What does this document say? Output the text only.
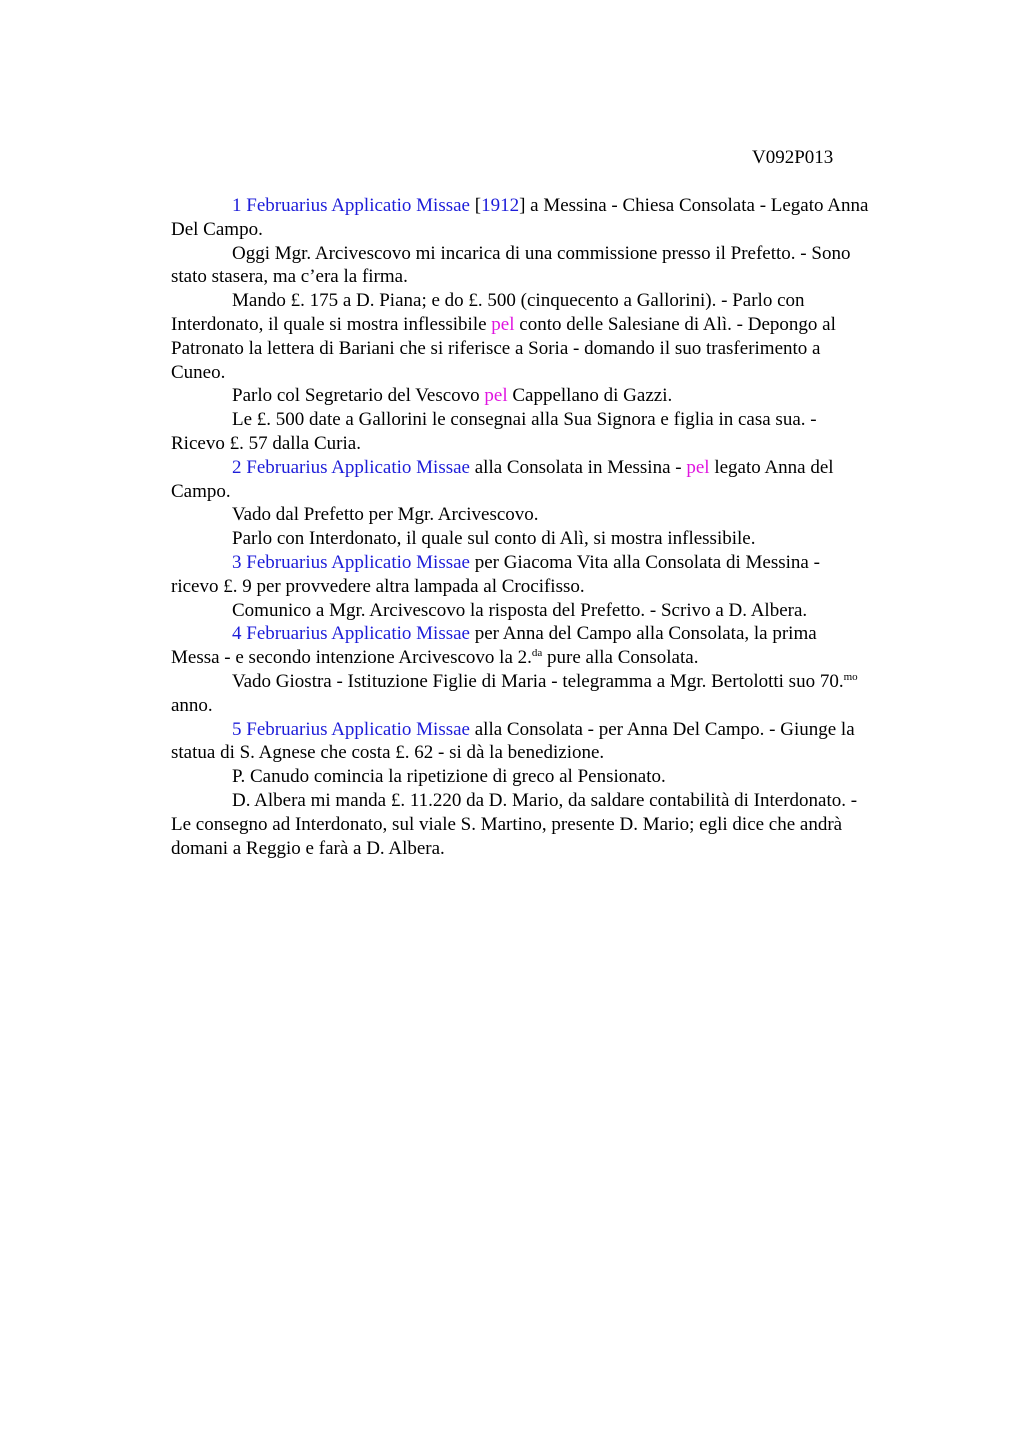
V092P013

1 Februarius Applicatio Missae [1912] a Messina - Chiesa Consolata - Legato Anna
Del Campo.

Oggi Mgr. Arcivescovo mi incarica di una commissione presso il Prefetto. - Sono
stato stasera, ma c’era la firma.

Mando £. 175 a D. Piana; e do £. 500 (cinquecento a Gallorini). - Parlo con
Interdonato, il quale si mostra inflessibile pel conto delle Salesiane di Alì. - Depongo al
Patronato la lettera di Bariani che si riferisce a Soria - domando il suo trasferimento a
Cuneo.

Parlo col Segretario del Vescovo pel Cappellano di Gazzi.

Le £. 500 date a Gallorini le consegnai alla Sua Signora e figlia in casa sua. -
Ricevo £. 57 dalla Curia.

2 Februarius Applicatio Missae alla Consolata in Messina - pel legato Anna del
Campo.

Vado dal Prefetto per Mgr. Arcivescovo.

Parlo con Interdonato, il quale sul conto di Alì, si mostra inflessibile.

3 Februarius Applicatio Missae per Giacoma Vita alla Consolata di Messina -
ricevo £. 9 per provvedere altra lampada al Crocifisso.

Comunico a Mgr. Arcivescovo la risposta del Prefetto. - Scrivo a D. Albera.

4 Februarius Applicatio Missae per Anna del Campo alla Consolata, la prima
Messa - e secondo intenzione Arcivescovo la 2.$^{da}$ pure alla Consolata.

Vado Giostra - Istituzione Figlie di Maria - telegramma a Mgr. Bertolotti suo 70.$^{mo}$
anno.

5 Februarius Applicatio Missae alla Consolata - per Anna Del Campo. - Giunge la
statua di S. Agnese che costa £. 62 - si dà la benedizione.

P. Canudo comincia la ripetizione di greco al Pensionato.

D. Albera mi manda £. 11.220 da D. Mario, da saldare contabilità di Interdonato. -
Le consegno ad Interdonato, sul viale S. Martino, presente D. Mario; egli dice che andrà
domani a Reggio e farà a D. Albera.
